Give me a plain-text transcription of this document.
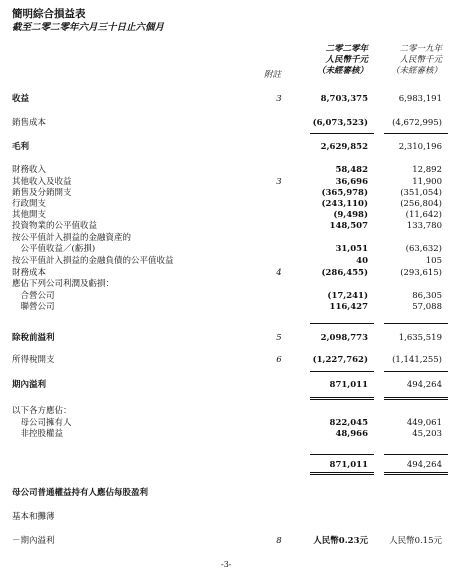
簡明綜合損益表
截至二零二零年六月三十日止六個月
二零二零年
人民幣千元
（未經審核）
二零一九年
人民幣千元
（未經審核）
附註
收益	3	8,703,375	6,983,191
銷售成本	(6,073,523)	(4,672,995)
毛利	2,629,852	2,310,196
財務收入	58,482	12,892
其他收入及收益	3	36,696	11,900
銷售及分銷開支	(365,978)	(351,054)
行政開支	(243,110)	(256,804)
其他開支	(9,498)	(11,642)
投資物業的公平值收益	148,507	133,780
按公平值計入損益的金融資產的
　公平值收益／(虧損)	31,051	(63,632)
按公平值計入損益的金融負債的公平值收益	40	105
財務成本	4	(286,455)	(293,615)
應佔下列公司利潤及虧損：
　合營公司	(17,241)	86,305
　聯營公司	116,427	57,088
除稅前溢利	5	2,098,773	1,635,519
所得稅開支	6	(1,227,762)	(1,141,255)
期內溢利	871,011	494,264
以下各方應佔：
　母公司擁有人	822,045	449,061
　非控股權益	48,966	45,203
871,011	494,264
母公司普通權益持有人應佔每股盈利
基本和攤薄
－期內溢利	8	人民幣0.23元 人民幣0.15元
-3-
